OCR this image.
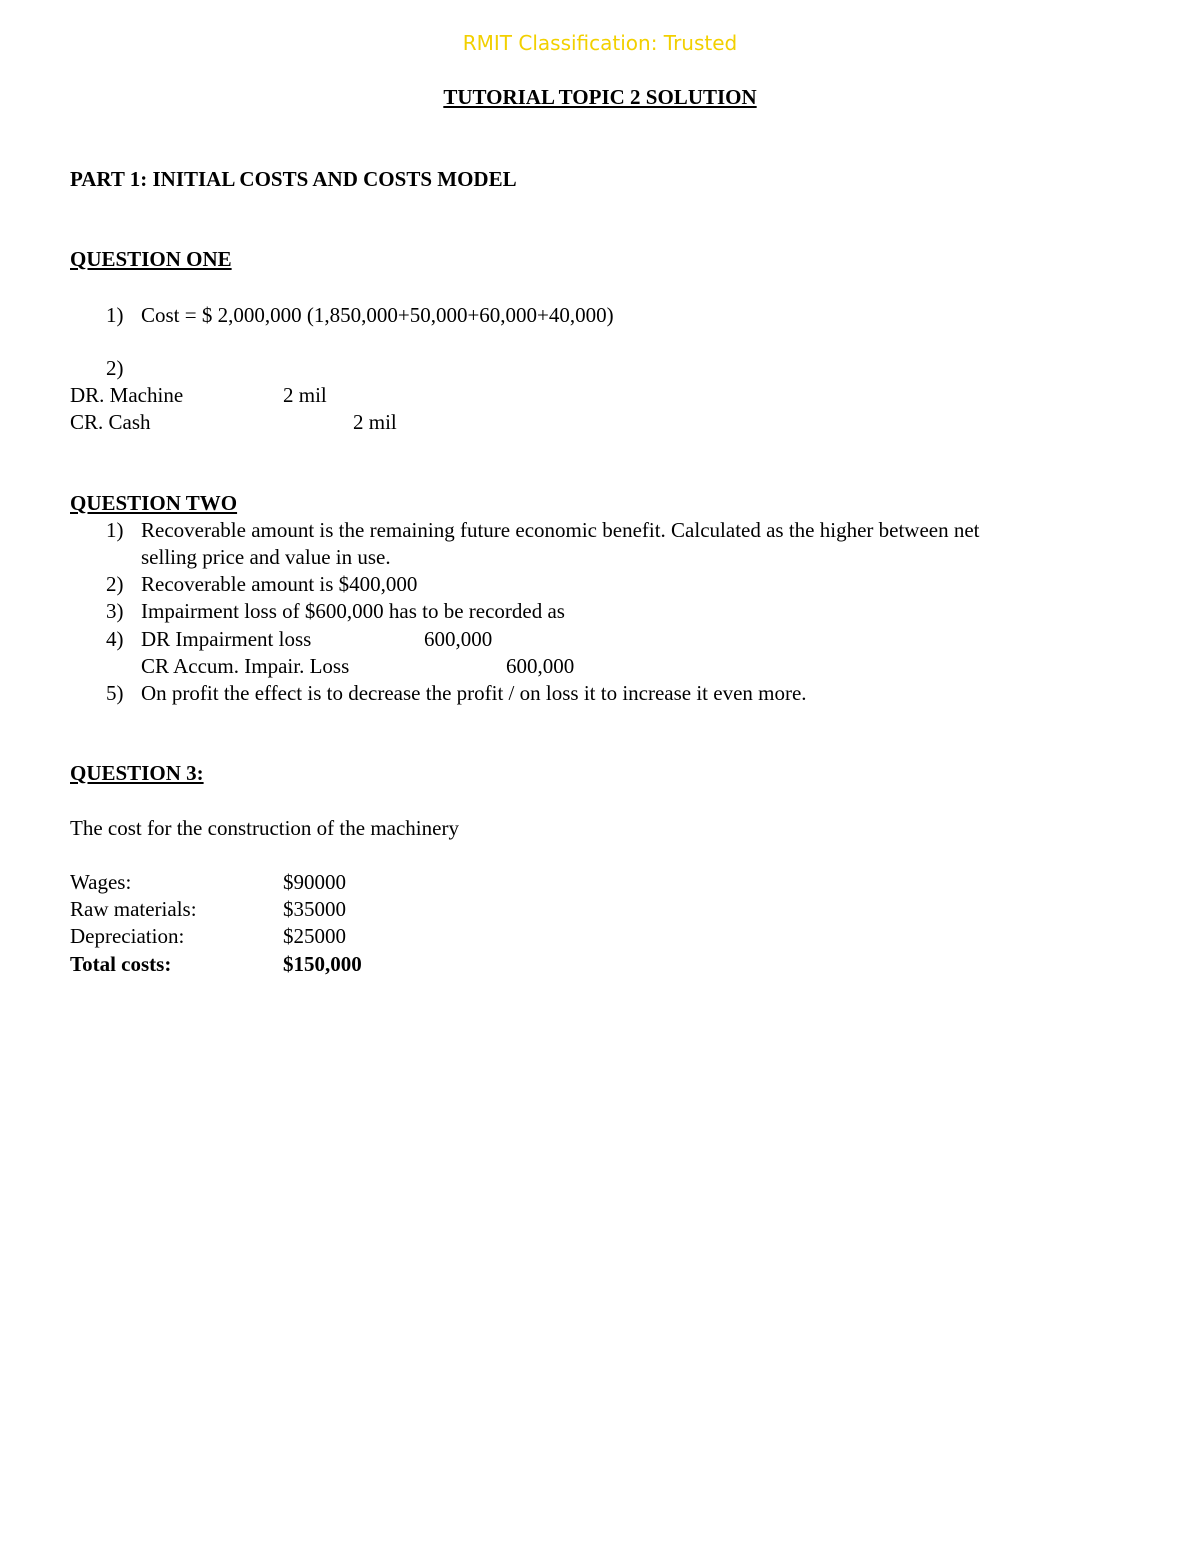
RMIT Classification: Trusted
TUTORIAL TOPIC 2 SOLUTION
PART 1: INITIAL COSTS AND COSTS MODEL
QUESTION ONE
1) Cost = $ 2,000,000 (1,850,000+50,000+60,000+40,000)
2)
DR. Machine	2 mil
CR. Cash	2 mil
QUESTION TWO
1) Recoverable amount is the remaining future economic benefit. Calculated as the higher between net
selling price and value in use.
2) Recoverable amount is $400,000
3) Impairment loss of $600,000 has to be recorded as
4) DR Impairment loss	600,000
CR Accum. Impair. Loss	600,000
5) On profit the effect is to decrease the profit / on loss it to increase it even more.
QUESTION 3:
The cost for the construction of the machinery
Wages:	$90000
Raw materials:	$35000
Depreciation:	$25000
Total costs:	$150,000
